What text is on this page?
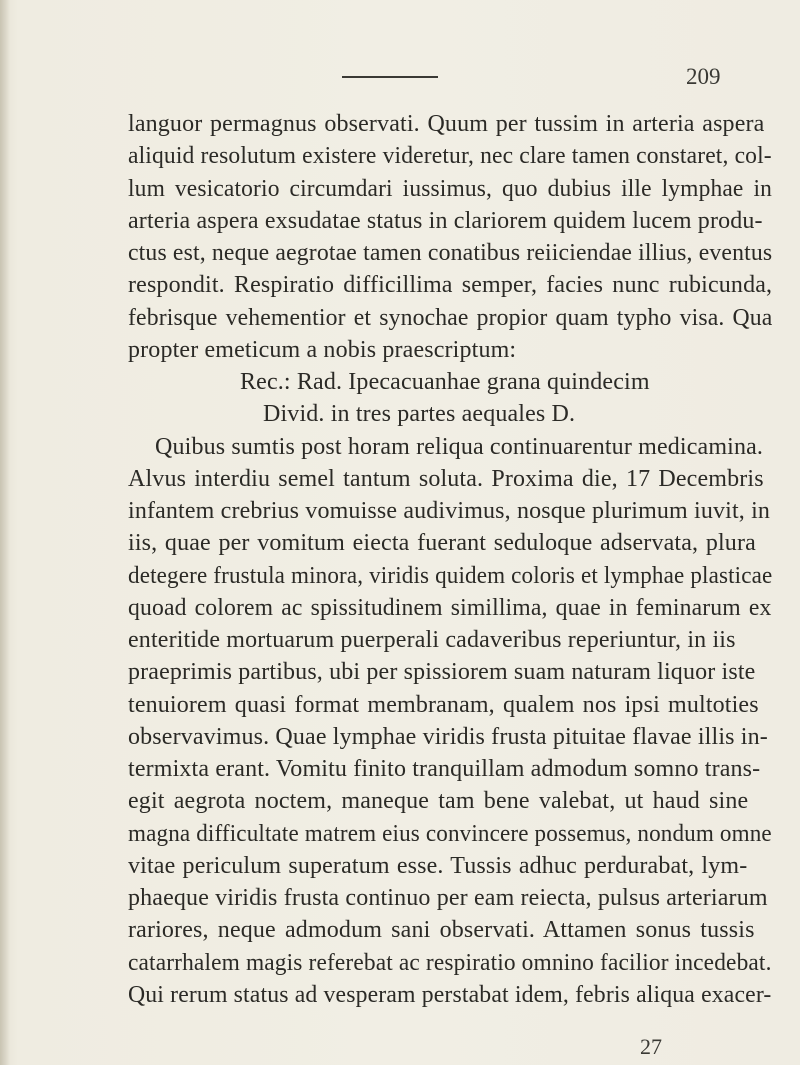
209
languor permagnus observati. Quum per tussim in arteria aspera
aliquid resolutum existere videretur, nec clare tamen constaret, col-
lum vesicatorio circumdari iussimus, quo dubius ille lymphae in
arteria aspera exsudatae status in clariorem quidem lucem produ-
ctus est, neque aegrotae tamen conatibus reiiciendae illius, eventus
respondit. Respiratio difficillima semper, facies nunc rubicunda,
febrisque vehementior et synochae propior quam typho visa. Qua
propter emeticum a nobis praescriptum:
Rec.: Rad. Ipecacuanhae grana quindecim
Divid. in tres partes aequales D.
Quibus sumtis post horam reliqua continuarentur medicamina.
Alvus interdiu semel tantum soluta. Proxima die, 17 Decembris
infantem crebrius vomuisse audivimus, nosque plurimum iuvit, in
iis, quae per vomitum eiecta fuerant seduloque adservata, plura
detegere frustula minora, viridis quidem coloris et lymphae plasticae
quoad colorem ac spissitudinem simillima, quae in feminarum ex
enteritide mortuarum puerperali cadaveribus reperiuntur, in iis
praeprimis partibus, ubi per spissiorem suam naturam liquor iste
tenuiorem quasi format membranam, qualem nos ipsi multoties
observavimus. Quae lymphae viridis frusta pituitae flavae illis in-
termixta erant. Vomitu finito tranquillam admodum somno trans-
egit aegrota noctem, maneque tam bene valebat, ut haud sine
magna difficultate matrem eius convincere possemus, nondum omne
vitae periculum superatum esse. Tussis adhuc perdurabat, lym-
phaeque viridis frusta continuo per eam reiecta, pulsus arteriarum
rariores, neque admodum sani observati. Attamen sonus tussis
catarrhalem magis referebat ac respiratio omnino facilior incedebat.
Qui rerum status ad vesperam perstabat idem, febris aliqua exacer-
27
